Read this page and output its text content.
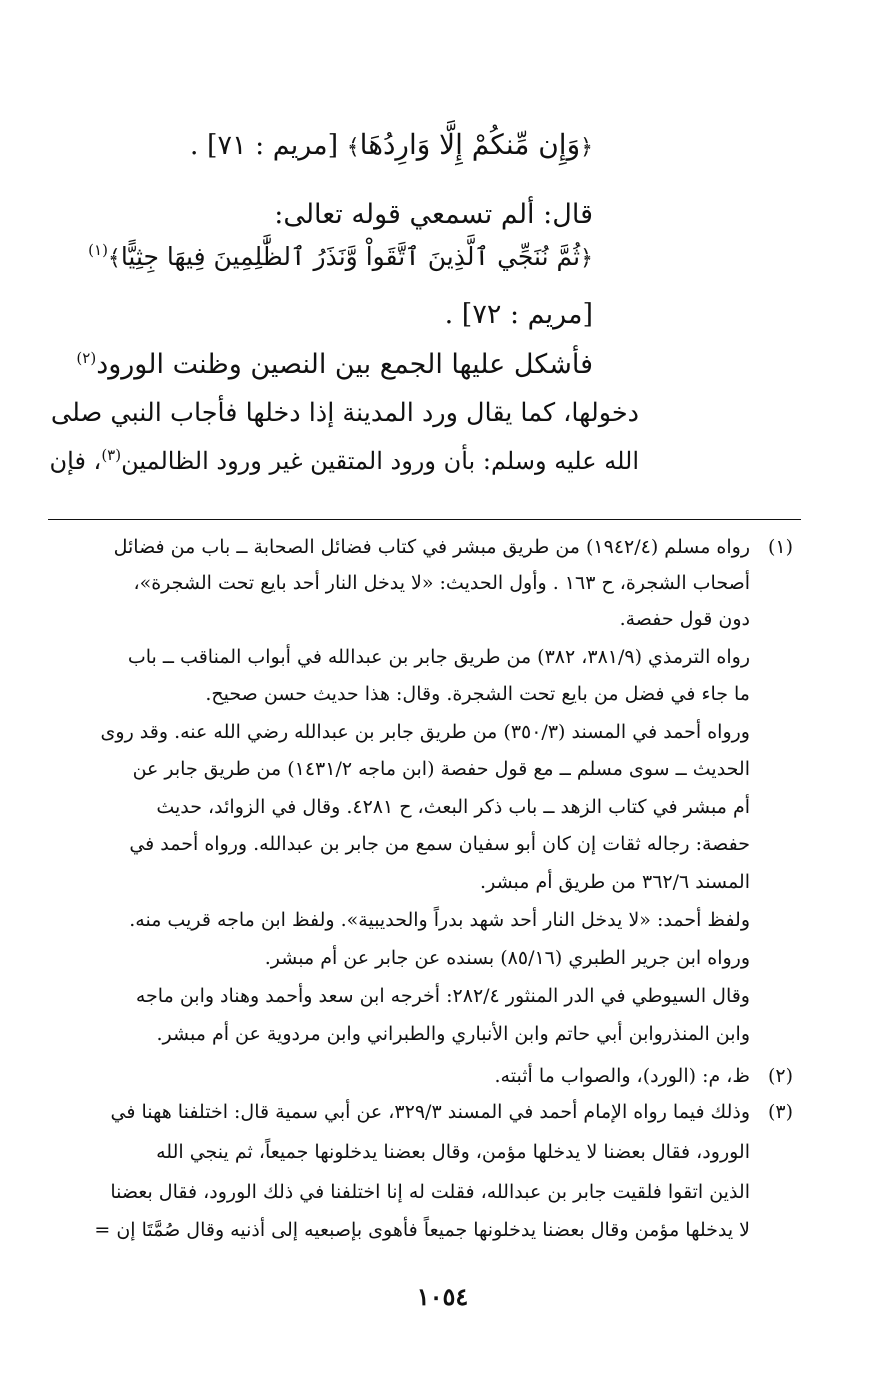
﴿وَإِن مِّنكُمْ إِلَّا وَارِدُهَا﴾ [مريم : ٧١] .
قال: ألم تسمعي قوله تعالى:
﴿ثُمَّ نُنَجِّي ٱلَّذِينَ ٱتَّقَواْ وَّنَذَرُ ٱلظَّٰلِمِينَ فِيهَا جِثِيًّا﴾$^{(١)}$
[مريم : ٧٢] .
فأشكل عليها الجمع بين النصين وظنت الورود$^{(٢)}$
دخولها، كما يقال ورد المدينة إذا دخلها فأجاب النبي صلى
الله عليه وسلم: بأن ورود المتقين غير ورود الظالمين$^{(٣)}$، فإن
(١)
رواه مسلم (١٩٤٢/٤) من طريق مبشر في كتاب فضائل الصحابة ــ باب من فضائل
أصحاب الشجرة، ح ١٦٣ . وأول الحديث: «لا يدخل النار أحد بايع تحت الشجرة»،
دون قول حفصة.
رواه الترمذي (٣٨١/٩، ٣٨٢) من طريق جابر بن عبدالله في أبواب المناقب ــ باب
ما جاء في فضل من بايع تحت الشجرة. وقال: هذا حديث حسن صحيح.
ورواه أحمد في المسند (٣٥٠/٣) من طريق جابر بن عبدالله رضي الله عنه. وقد روى
الحديث ــ سوى مسلم ــ مع قول حفصة (ابن ماجه ١٤٣١/٢) من طريق جابر عن
أم مبشر في كتاب الزهد ــ باب ذكر البعث، ح ٤٢٨١. وقال في الزوائد، حديث
حفصة: رجاله ثقات إن كان أبو سفيان سمع من جابر بن عبدالله. ورواه أحمد في
المسند ٣٦٢/٦ من طريق أم مبشر.
ولفظ أحمد: «لا يدخل النار أحد شهد بدراً والحديبية». ولفظ ابن ماجه قريب منه.
ورواه ابن جرير الطبري (٨٥/١٦) بسنده عن جابر عن أم مبشر.
وقال السيوطي في الدر المنثور ٢٨٢/٤: أخرجه ابن سعد وأحمد وهناد وابن ماجه
وابن المنذروابن أبي حاتم وابن الأنباري والطبراني وابن مردوية عن أم مبشر.
(٢)
ظ، م: (الورد)، والصواب ما أثبته.
(٣)
وذلك فيما رواه الإمام أحمد في المسند ٣٢٩/٣، عن أبي سمية قال: اختلفنا ههنا في
الورود، فقال بعضنا لا يدخلها مؤمن، وقال بعضنا يدخلونها جميعاً، ثم ينجي الله
الذين اتقوا فلقيت جابر بن عبدالله، فقلت له إنا اختلفنا في ذلك الورود، فقال بعضنا
لا يدخلها مؤمن وقال بعضنا يدخلونها جميعاً فأهوى بإصبعيه إلى أذنيه وقال صُمَّتَا إن =
١٠٥٤
